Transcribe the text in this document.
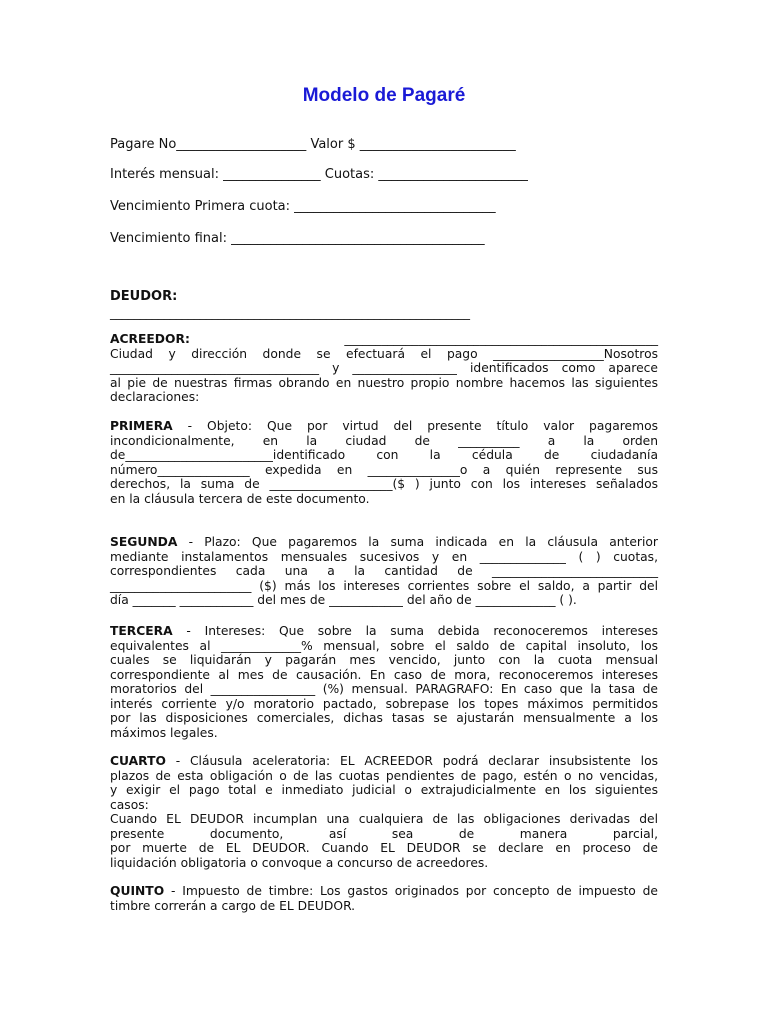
Modelo de Pagaré
Pagare No____________________ Valor $ ________________________
Interés mensual: _______________ Cuotas: _______________________
Vencimiento Primera cuota: _______________________________
Vencimiento final: _______________________________________
DEUDOR:
____________________________________________________________
ACREEDOR:	___________________________________________________
Ciudad y dirección donde se efectuará el pago __________________Nosotros
__________________________________ y _________________ identificados como aparece
al pie de nuestras firmas obrando en nuestro propio nombre hacemos las siguientes
declaraciones:
PRIMERA - Objeto: Que por virtud del presente título valor pagaremos
incondicionalmente, en la ciudad de __________ a la orden
de________________________identificado con la cédula de ciudadanía
número_______________ expedida en _______________o a quién represente sus
derechos, la suma de ____________________($ ) junto con los intereses señalados
en la cláusula tercera de este documento.
SEGUNDA - Plazo: Que pagaremos la suma indicada en la cláusula anterior
mediante instalamentos mensuales sucesivos y en ______________ ( ) cuotas,
correspondientes cada una a la cantidad de ___________________________
_______________________ ($) más los intereses corrientes sobre el saldo, a partir del
día _______ ____________ del mes de ____________ del año de _____________ ( ).
TERCERA - Intereses: Que sobre la suma debida reconoceremos intereses
equivalentes al _____________% mensual, sobre el saldo de capital insoluto, los
cuales se liquidarán y pagarán mes vencido, junto con la cuota mensual
correspondiente al mes de causación. En caso de mora, reconoceremos intereses
moratorios del _________________ (%) mensual. PARAGRAFO: En caso que la tasa de
interés corriente y/o moratorio pactado, sobrepase los topes máximos permitidos
por las disposiciones comerciales, dichas tasas se ajustarán mensualmente a los
máximos legales.
CUARTO - Cláusula aceleratoria: EL ACREEDOR podrá declarar insubsistente los
plazos de esta obligación o de las cuotas pendientes de pago, estén o no vencidas,
y exigir el pago total e inmediato judicial o extrajudicialmente en los siguientes
casos:
Cuando EL DEUDOR incumplan una cualquiera de las obligaciones derivadas del
presente documento, así sea de manera parcial,
por muerte de EL DEUDOR. Cuando EL DEUDOR se declare en proceso de
liquidación obligatoria o convoque a concurso de acreedores.
QUINTO - Impuesto de timbre: Los gastos originados por concepto de impuesto de
timbre correrán a cargo de EL DEUDOR.
